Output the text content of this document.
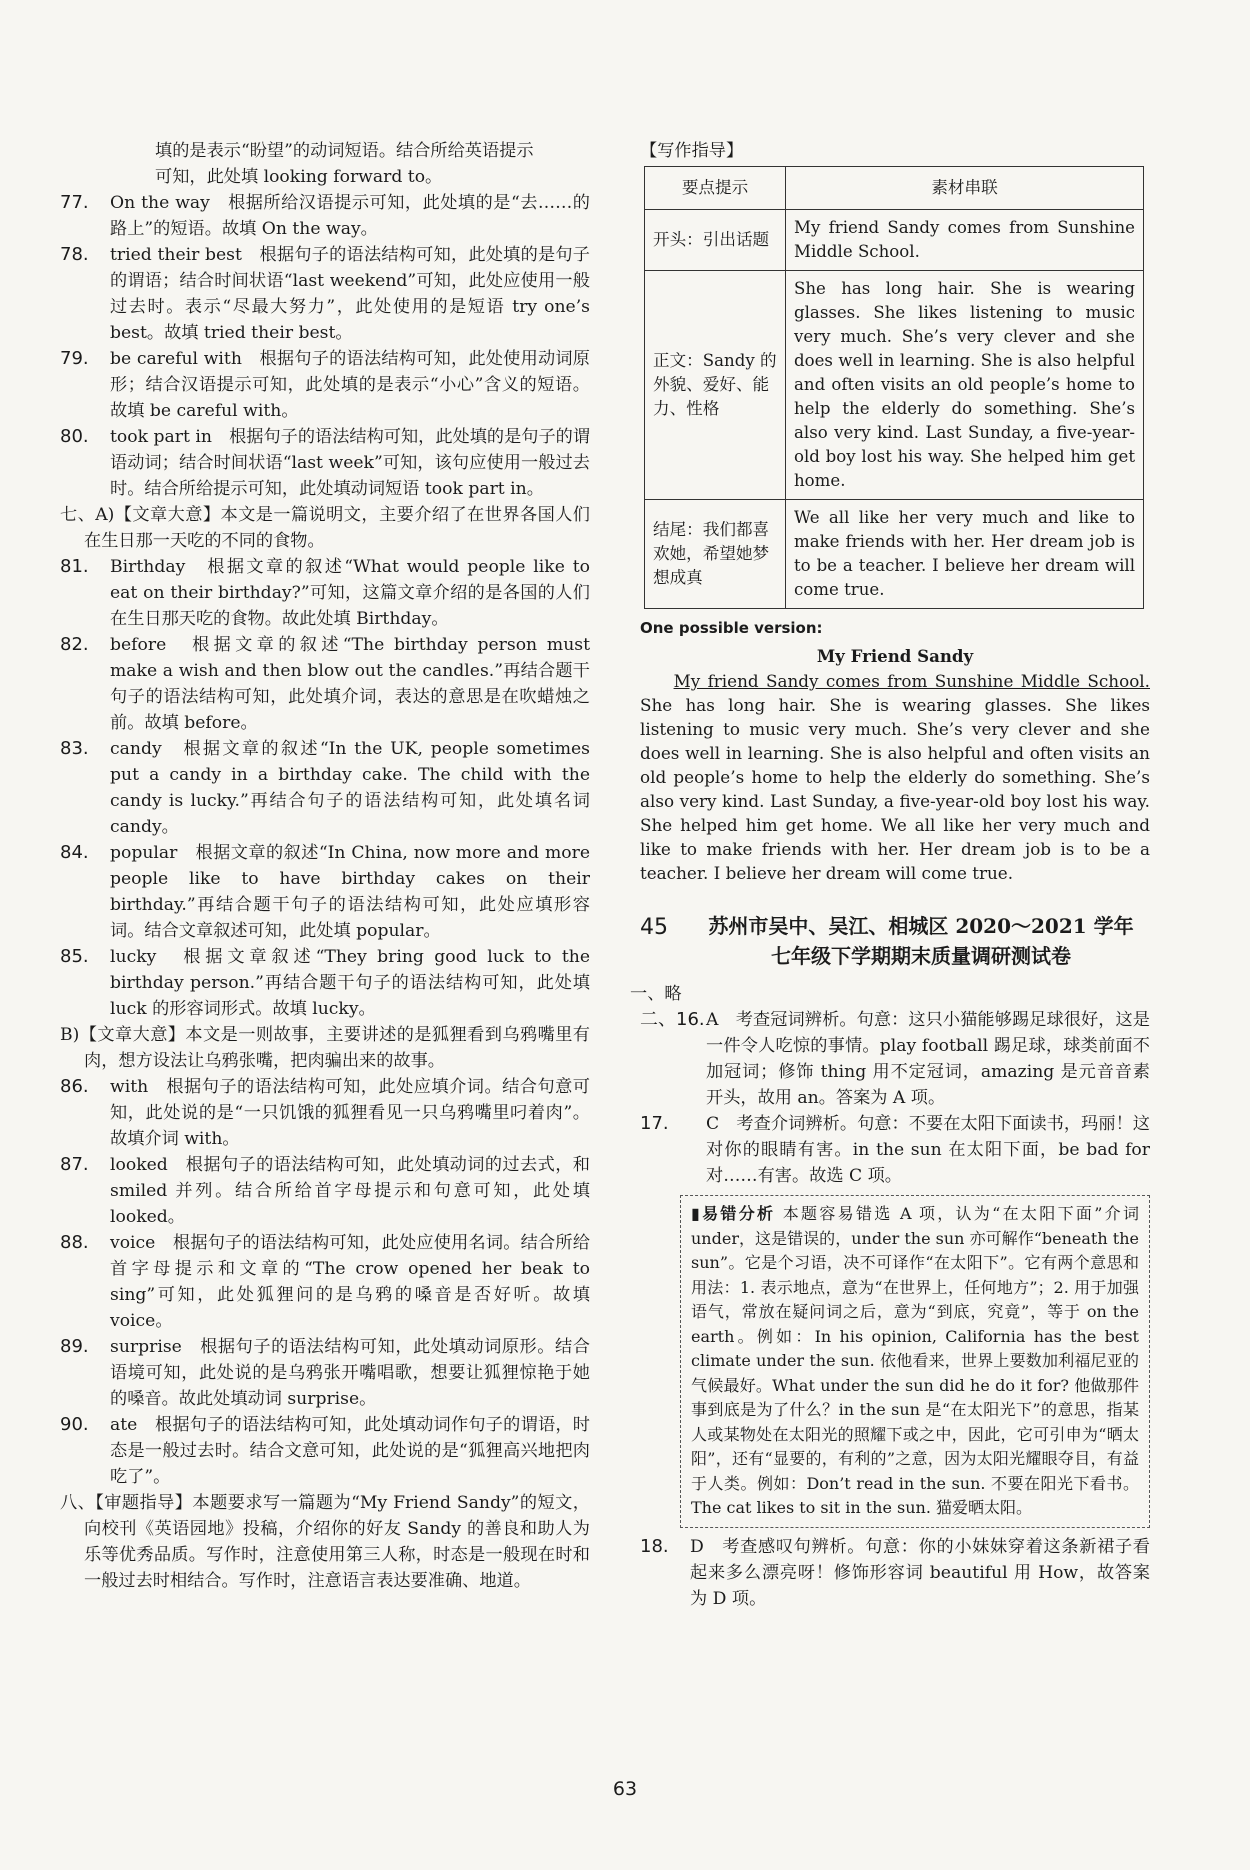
填的是表示“盼望”的动词短语。结合所给英语提示

可知，此处填 looking forward to。

77.	On the way　根据所给汉语提示可知，此处填的是“去……的路上”的短语。故填 On the way。
78.	tried their best　根据句子的语法结构可知，此处填的是句子的谓语；结合时间状语“last weekend”可知，此处应使用一般过去时。表示“尽最大努力”，此处使用的是短语 try one’s best。故填 tried their best。
79.	be careful with　根据句子的语法结构可知，此处使用动词原形；结合汉语提示可知，此处填的是表示“小心”含义的短语。故填 be careful with。
80.	took part in　根据句子的语法结构可知，此处填的是句子的谓语动词；结合时间状语“last week”可知，该句应使用一般过去时。结合所给提示可知，此处填动词短语 took part in。

七、A)【文章大意】本文是一篇说明文，主要介绍了在世界各国人们在生日那一天吃的不同的食物。

81.	Birthday　根据文章的叙述“What would people like to eat on their birthday?”可知，这篇文章介绍的是各国的人们在生日那天吃的食物。故此处填 Birthday。
82.	before　根据文章的叙述“The birthday person must make a wish and then blow out the candles.”再结合题干句子的语法结构可知，此处填介词，表达的意思是在吹蜡烛之前。故填 before。
83.	candy　根据文章的叙述“In the UK, people sometimes put a candy in a birthday cake. The child with the candy is lucky.”再结合句子的语法结构可知，此处填名词 candy。
84.	popular　根据文章的叙述“In China, now more and more people like to have birthday cakes on their birthday.”再结合题干句子的语法结构可知，此处应填形容词。结合文章叙述可知，此处填 popular。
85.	lucky　根据文章叙述“They bring good luck to the birthday person.”再结合题干句子的语法结构可知，此处填 luck 的形容词形式。故填 lucky。

B)【文章大意】本文是一则故事，主要讲述的是狐狸看到乌鸦嘴里有肉，想方设法让乌鸦张嘴，把肉骗出来的故事。

86.	with　根据句子的语法结构可知，此处应填介词。结合句意可知，此处说的是“一只饥饿的狐狸看见一只乌鸦嘴里叼着肉”。故填介词 with。
87.	looked　根据句子的语法结构可知，此处填动词的过去式，和 smiled 并列。结合所给首字母提示和句意可知，此处填 looked。
88.	voice　根据句子的语法结构可知，此处应使用名词。结合所给首字母提示和文章的“The crow opened her beak to sing”可知，此处狐狸问的是乌鸦的嗓音是否好听。故填 voice。
89.	surprise　根据句子的语法结构可知，此处填动词原形。结合语境可知，此处说的是乌鸦张开嘴唱歌，想要让狐狸惊艳于她的嗓音。故此处填动词 surprise。
90.	ate　根据句子的语法结构可知，此处填动词作句子的谓语，时态是一般过去时。结合文意可知，此处说的是“狐狸高兴地把肉吃了”。

八、【审题指导】本题要求写一篇题为“My Friend Sandy”的短文，向校刊《英语园地》投稿，介绍你的好友 Sandy 的善良和助人为乐等优秀品质。写作时，注意使用第三人称，时态是一般现在时和一般过去时相结合。写作时，注意语言表达要准确、地道。

【写作指导】

要点提示	素材串联
开头：引出话题	My friend Sandy comes from Sunshine Middle School.
正文：Sandy 的外貌、爱好、能力、性格	She has long hair. She is wearing glasses. She likes listening to music very much. She’s very clever and she does well in learning. She is also helpful and often visits an old people’s home to help the elderly do something. She’s also very kind. Last Sunday, a five-year-old boy lost his way. She helped him get home.
结尾：我们都喜欢她，希望她梦想成真	We all like her very much and like to make friends with her. Her dream job is to be a teacher. I believe her dream will come true.

One possible version:

My Friend Sandy

  My friend Sandy comes from Sunshine Middle School. She has long hair. She is wearing glasses. She likes listening to music very much. She’s very clever and she does well in learning. She is also helpful and often visits an old people’s home to help the elderly do something. She’s also very kind. Last Sunday, a five-year-old boy lost his way. She helped him get home. We all like her very much and like to make friends with her. Her dream job is to be a teacher. I believe her dream will come true.

45	苏州市吴中、吴江、相城区 2020～2021 学年
七年级下学期期末质量调研测试卷

一、略

二、16. A　考查冠词辨析。句意：这只小猫能够踢足球很好，这是一件令人吃惊的事情。play football 踢足球，球类前面不加冠词；修饰 thing 用不定冠词，amazing 是元音音素开头，故用 an。答案为 A 项。
17.	C　考查介词辨析。句意：不要在太阳下面读书，玛丽！这对你的眼睛有害。in the sun 在太阳下面，be bad for 对……有害。故选 C 项。
▮易错分析 本题容易错选 A 项，认为“在太阳下面”介词 under，这是错误的，under the sun 亦可解作“beneath the sun”。它是个习语，决不可译作“在太阳下”。它有两个意思和用法：1. 表示地点，意为“在世界上，任何地方”；2. 用于加强语气，常放在疑问词之后，意为“到底，究竟”，等于 on the earth。例如：In his opinion, California has the best climate under the sun. 依他看来，世界上要数加利福尼亚的气候最好。What under the sun did he do it for? 他做那件事到底是为了什么？in the sun 是“在太阳光下”的意思，指某人或某物处在太阳光的照耀下或之中，因此，它可引申为“晒太阳”，还有“显要的，有利的”之意，因为太阳光耀眼夺目，有益于人类。例如：Don’t read in the sun. 不要在阳光下看书。The cat likes to sit in the sun. 猫爱晒太阳。
18.	D　考查感叹句辨析。句意：你的小妹妹穿着这条新裙子看起来多么漂亮呀！修饰形容词 beautiful 用 How，故答案为 D 项。
63
